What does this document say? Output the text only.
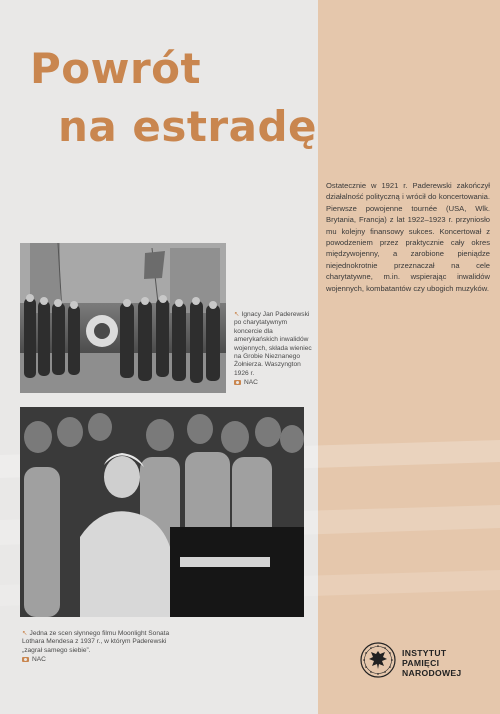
Powrót
na estradę

Ostatecznie w 1921 r. Paderewski zakończył działalność polityczną i wrócił do koncertowania. Pierwsze powojenne tournée (USA, Wlk. Brytania, Francja) z lat 1922–1923 r. przyniosło mu kolejny finansowy sukces. Koncertował z powodzeniem przez praktycznie cały okres międzywojenny, a zarobione pieniądze niejednokrotnie przeznaczał na cele charytatywne, m.in. wspierając inwalidów wojennych, kombatantów czy ubogich muzyków.

↖ Ignacy Jan Paderewski po charytatywnym koncercie dla amerykańskich inwalidów wojennych, składa wieniec na Grobie Nieznanego Żołnierza. Waszyngton 1926 r.
NAC

↖ Jedna ze scen słynnego filmu Moonlight Sonata Lothara Mendesa z 1937 r., w którym Paderewski „zagrał samego siebie”.
NAC

INSTYTUT
PAMIĘCI
NARODOWEJ
